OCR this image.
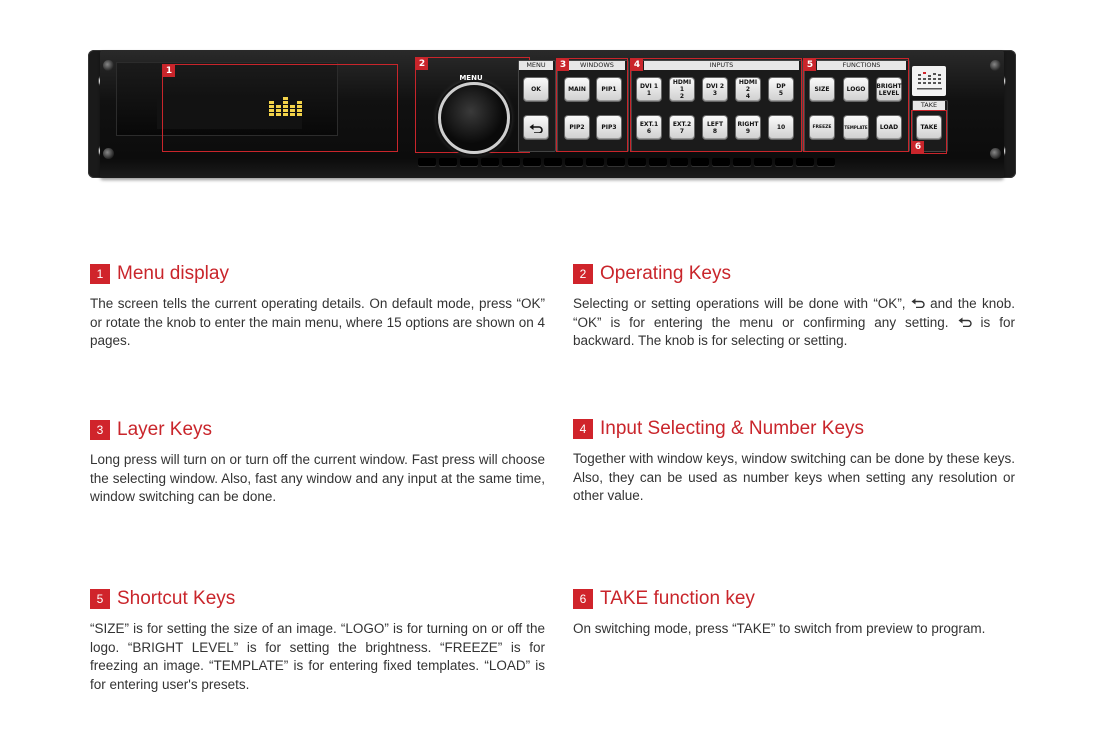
1
2
MENU
MENU
OK
3	WINDOWS
MAIN	PIP1
PIP2	PIP3
4	INPUTS
DVI 1
1
HDMI 1
2
DVI 2
3
HDMI 2
4
DP
5
EXT.1
6
EXT.2
7
LEFT
8
RIGHT
9	10
5	FUNCTIONS
SIZE	LOGO	BRIGHT
LEVEL
FREEZE	TEMPLATE	LOAD
TAKE
6
TAKE
1 Menu display
The screen tells the current operating details. On default mode, press “OK” or rotate the knob to enter the main menu, where 15 options are shown on 4 pages.
2 Operating Keys
Selecting or setting operations will be done with “OK”, and the knob. “OK” is for entering the menu or confirming any setting. is for backward. The knob is for selecting or setting.
3 Layer Keys
Long press will turn on or turn off the current window. Fast press will choose the selecting window. Also, fast any window and any input at the same time, window switching can be done.
4 Input Selecting & Number Keys
Together with window keys, window switching can be done by these keys. Also, they can be used as number keys when setting any resolution or other value.
5 Shortcut Keys
“SIZE” is for setting the size of an image. “LOGO” is for turning on or off the logo. “BRIGHT LEVEL” is for setting the brightness. “FREEZE” is for freezing an image. “TEMPLATE” is for entering fixed templates. “LOAD” is for entering user's presets.
6 TAKE function key
On switching mode, press “TAKE” to switch from preview to program.
